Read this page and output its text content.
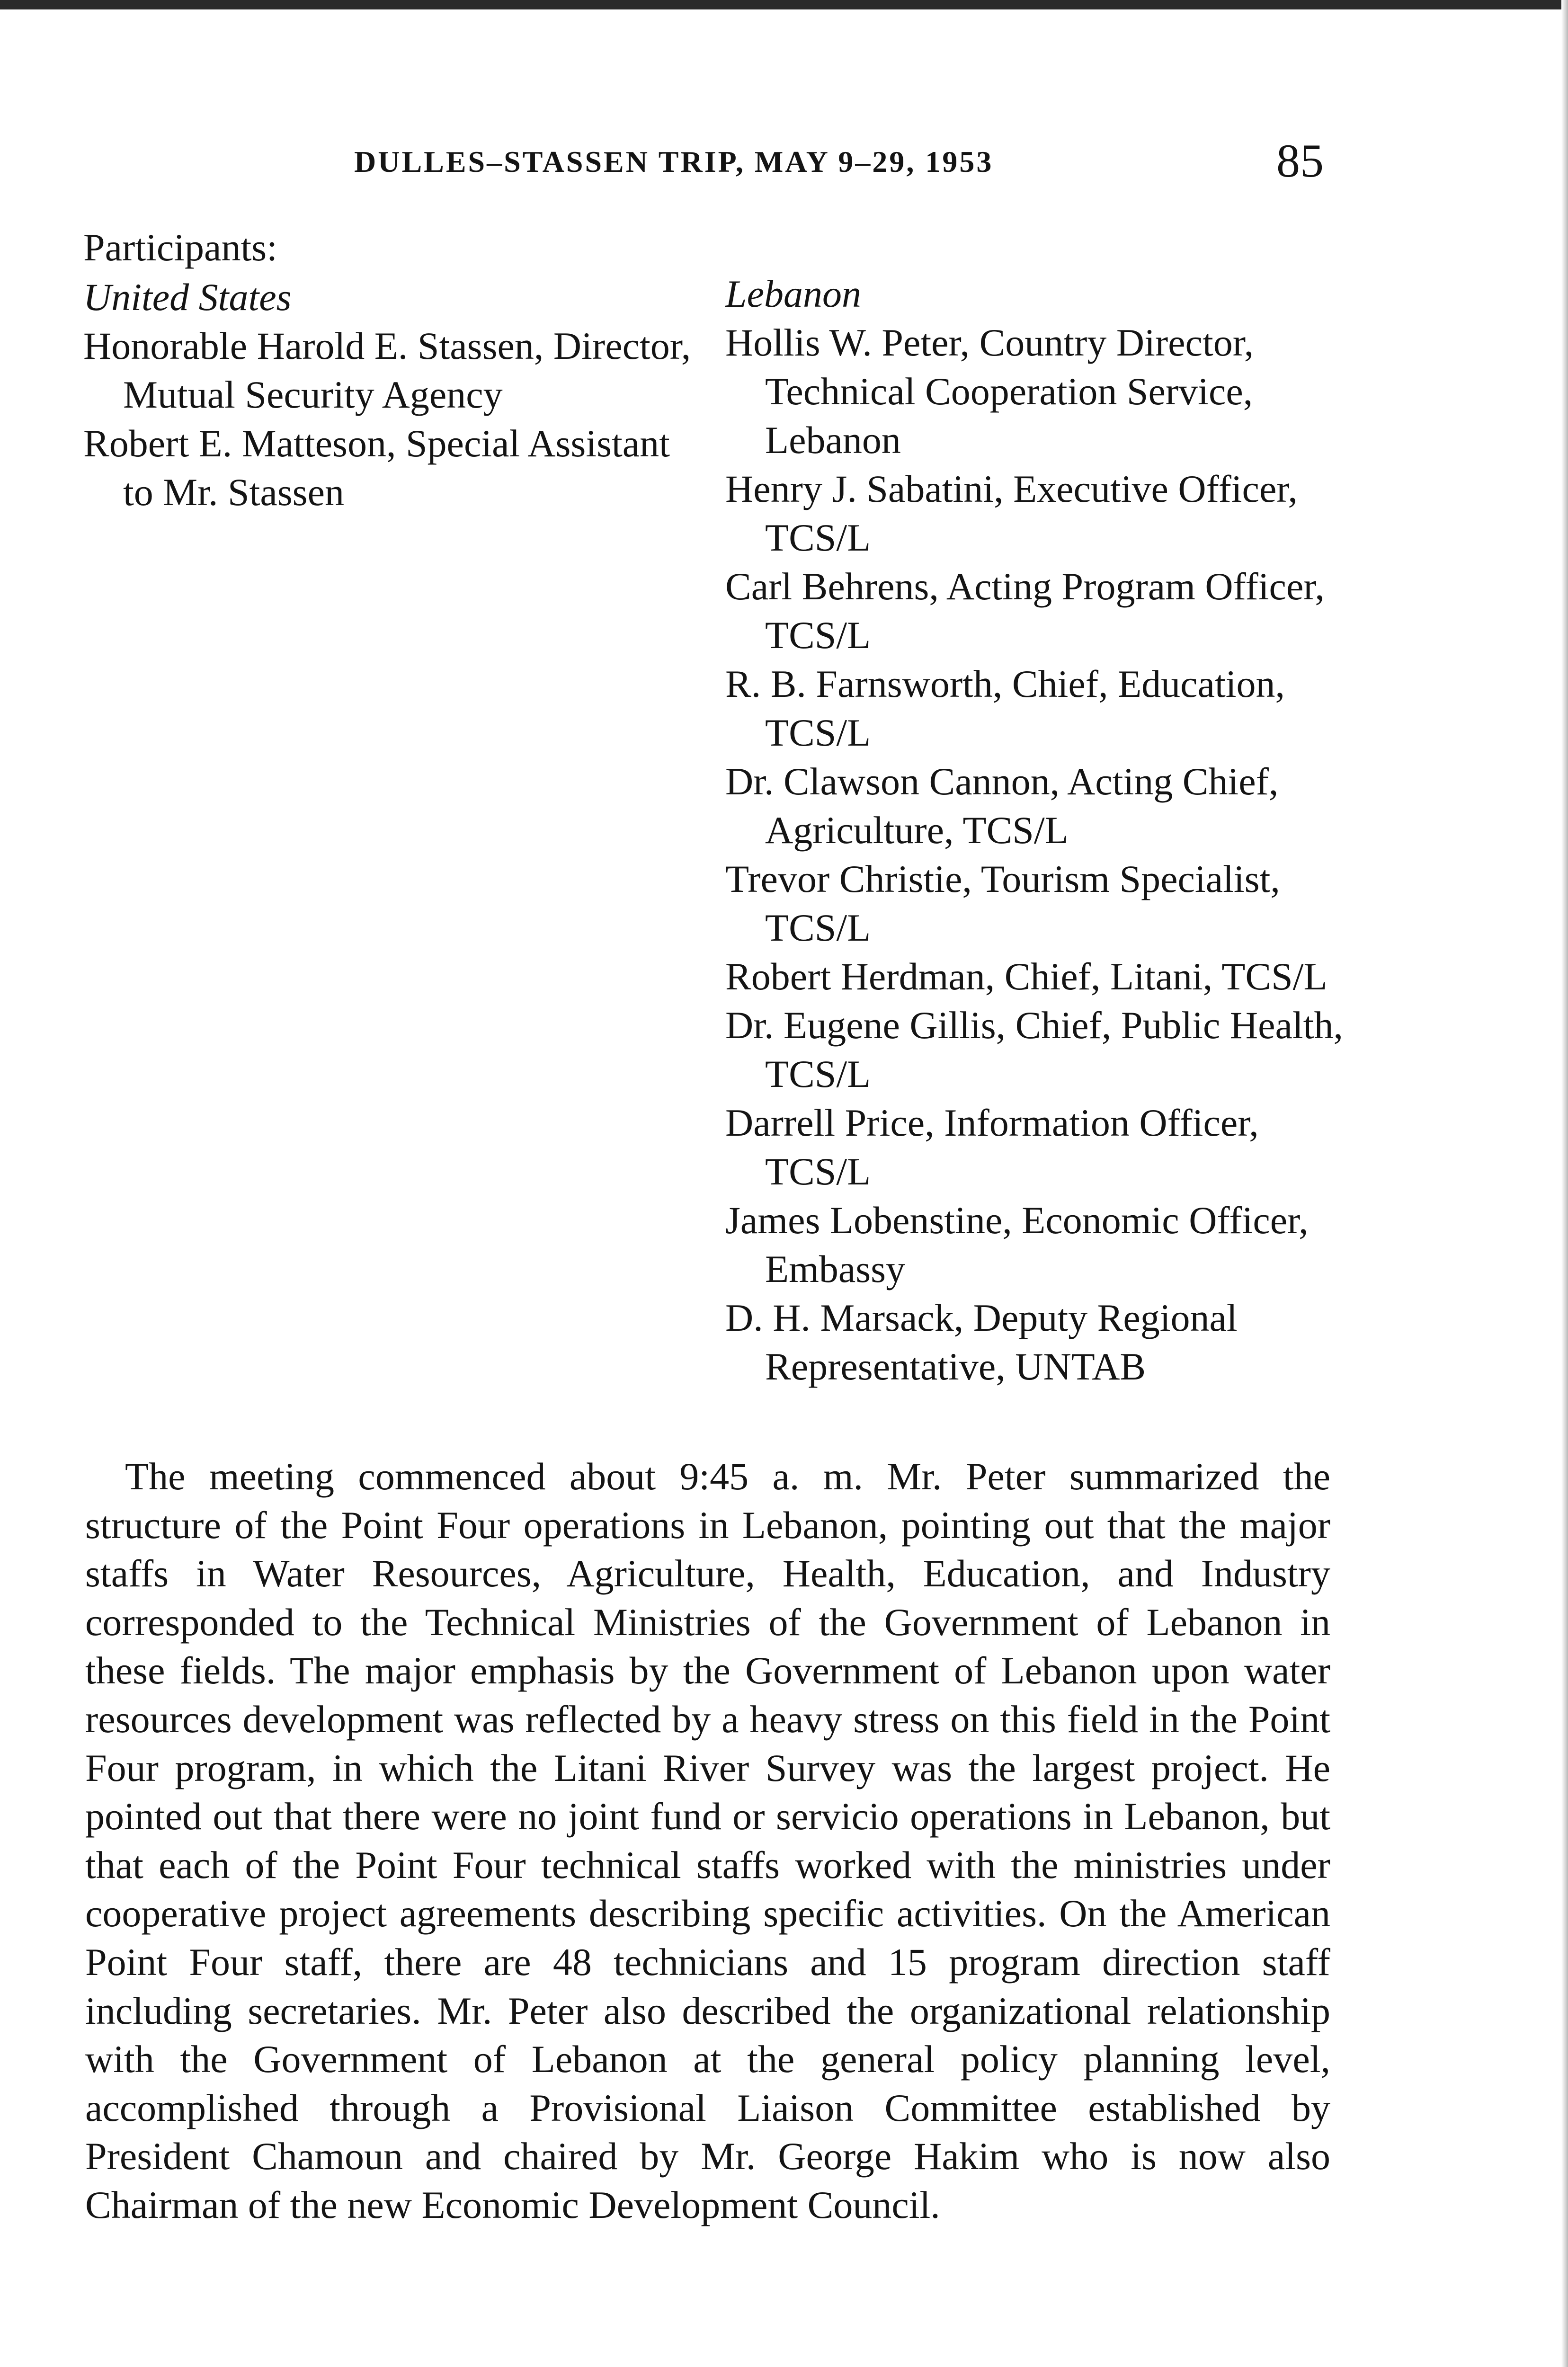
DULLES–STASSEN TRIP, MAY 9–29, 1953	85
Participants:

United States

Honorable Harold E. Stassen, Director, Mutual Security Agency

Robert E. Matteson, Special Assistant to Mr. Stassen

Lebanon

Hollis W. Peter, Country Director, Technical Cooperation Service, Lebanon

Henry J. Sabatini, Executive Officer, TCS/L

Carl Behrens, Acting Program Officer, TCS/L

R. B. Farnsworth, Chief, Education, TCS/L

Dr. Clawson Cannon, Acting Chief, Agriculture, TCS/L

Trevor Christie, Tourism Specialist, TCS/L

Robert Herdman, Chief, Litani, TCS/L

Dr. Eugene Gillis, Chief, Public Health, TCS/L

Darrell Price, Information Officer, TCS/L

James Lobenstine, Economic Officer, Embassy

D. H. Marsack, Deputy Regional Representative, UNTAB

The meeting commenced about 9:45 a. m. Mr. Peter summarized the structure of the Point Four operations in Lebanon, pointing out that the major staffs in Water Resources, Agriculture, Health, Education, and Industry corresponded to the Technical Ministries of the Government of Lebanon in these fields. The major emphasis by the Government of Lebanon upon water resources development was reflected by a heavy stress on this field in the Point Four program, in which the Litani River Survey was the largest project. He pointed out that there were no joint fund or servicio operations in Lebanon, but that each of the Point Four technical staffs worked with the ministries under cooperative project agreements describing specific activities. On the American Point Four staff, there are 48 technicians and 15 program direction staff including secretaries. Mr. Peter also described the organizational relationship with the Government of Lebanon at the general policy planning level, accomplished through a Provisional Liaison Committee established by President Chamoun and chaired by Mr. George Hakim who is now also Chairman of the new Economic Development Council.
